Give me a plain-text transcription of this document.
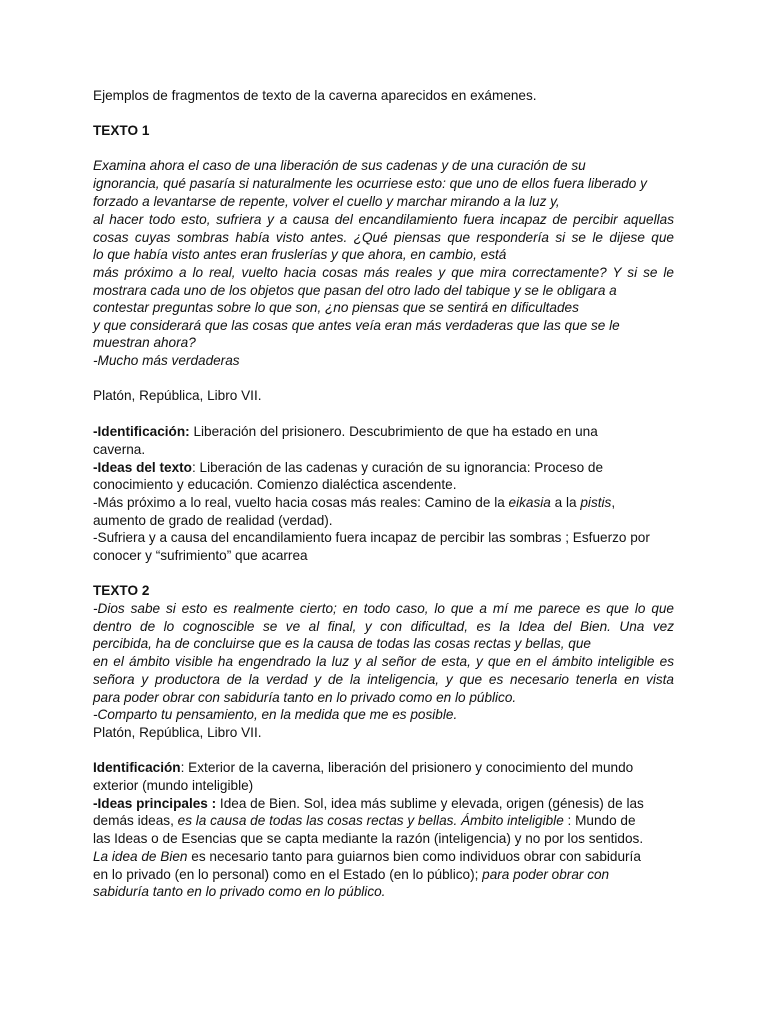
Ejemplos de fragmentos de texto de la caverna aparecidos en exámenes.
TEXTO 1
Examina ahora el caso de una liberación de sus cadenas y de una curación de su
ignorancia, qué pasaría si naturalmente les ocurriese esto: que uno de ellos fuera liberado y
forzado a levantarse de repente, volver el cuello y marchar mirando a la luz y,
al hacer todo esto, sufriera y a causa del encandilamiento fuera incapaz de percibir aquellas
cosas cuyas sombras había visto antes. ¿Qué piensas que respondería si se le dijese que
lo que había visto antes eran fruslerías y que ahora, en cambio, está
más próximo a lo real, vuelto hacia cosas más reales y que mira correctamente? Y si se le
mostrara cada uno de los objetos que pasan del otro lado del tabique y se le obligara a
contestar preguntas sobre lo que son, ¿no piensas que se sentirá en dificultades
y que considerará que las cosas que antes veía eran más verdaderas que las que se le
muestran ahora?
-Mucho más verdaderas
Platón, República, Libro VII.
-Identificación: Liberación del prisionero. Descubrimiento de que ha estado en una
caverna.
-Ideas del texto: Liberación de las cadenas y curación de su ignorancia: Proceso de
conocimiento y educación. Comienzo dialéctica ascendente.
-Más próximo a lo real, vuelto hacia cosas más reales: Camino de la eikasia a la pistis,
aumento de grado de realidad (verdad).
-Sufriera y a causa del encandilamiento fuera incapaz de percibir las sombras ; Esfuerzo por
conocer y “sufrimiento” que acarrea
TEXTO 2
-Dios sabe si esto es realmente cierto; en todo caso, lo que a mí me parece es que lo que
dentro de lo cognoscible se ve al final, y con dificultad, es la Idea del Bien. Una vez
percibida, ha de concluirse que es la causa de todas las cosas rectas y bellas, que
en el ámbito visible ha engendrado la luz y al señor de esta, y que en el ámbito inteligible es
señora y productora de la verdad y de la inteligencia, y que es necesario tenerla en vista
para poder obrar con sabiduría tanto en lo privado como en lo público.
-Comparto tu pensamiento, en la medida que me es posible.
Platón, República, Libro VII.
Identificación: Exterior de la caverna, liberación del prisionero y conocimiento del mundo
exterior (mundo inteligible)
-Ideas principales : Idea de Bien. Sol, idea más sublime y elevada, origen (génesis) de las
demás ideas, es la causa de todas las cosas rectas y bellas. Ámbito inteligible : Mundo de
las Ideas o de Esencias que se capta mediante la razón (inteligencia) y no por los sentidos.
La idea de Bien es necesario tanto para guiarnos bien como individuos obrar con sabiduría
en lo privado (en lo personal) como en el Estado (en lo público); para poder obrar con
sabiduría tanto en lo privado como en lo público.
